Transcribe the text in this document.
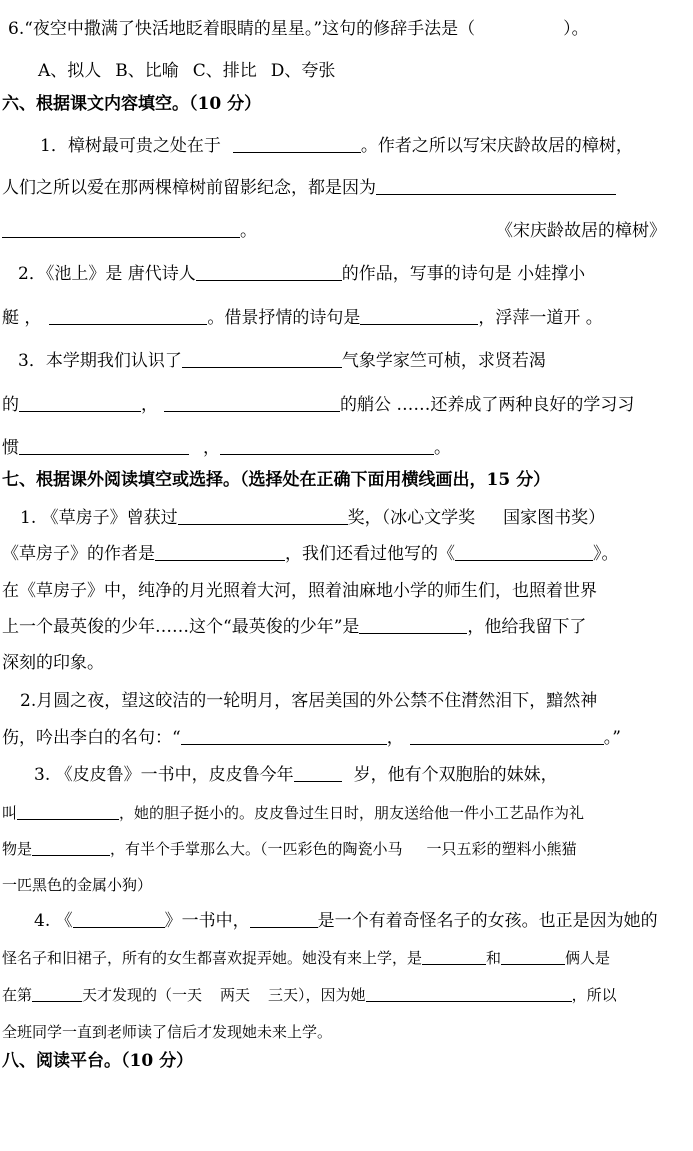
6.“夜空中撒满了快活地眨着眼睛的星星。”这句的修辞手法是（	）。
A、拟人 B、比喻 C、排比 D、夸张
六、根据课文内容填空。（10 分）
1．樟树最可贵之处在于	。作者之所以写宋庆龄故居的樟树，
人们之所以爱在那两棵樟树前留影纪念，都是因为
。	《宋庆龄故居的樟树》
2．《池上》是 唐代诗人	的作品，写事的诗句是 小娃撑小
艇 ，	。借景抒情的诗句是	，浮萍一道开 。
3．本学期我们认识了	气象学家竺可桢，求贤若渴
的	，	的艄公 ……还养成了两种良好的学习习
惯	，	。
七、根据课外阅读填空或选择。（选择处在正确下面用横线画出，15 分）
1. 《草房子》曾获过	奖，（冰心文学奖 国家图书奖）
《草房子》的作者是	，我们还看过他写的《	》。
在《草房子》中，纯净的月光照着大河，照着油麻地小学的师生们，也照着世界
上一个最英俊的少年……这个“最英俊的少年”是	，他给我留下了
深刻的印象。
2.月圆之夜，望这皎洁的一轮明月，客居美国的外公禁不住潸然泪下，黯然神
伤，吟出李白的名句：“	，	。”
3. 《皮皮鲁》一书中，皮皮鲁今年	岁，他有个双胞胎的妹妹，
叫	，她的胆子挺小的。皮皮鲁过生日时，朋友送给他一件小工艺品作为礼
物是	，有半个手掌那么大。（一匹彩色的陶瓷小马 一只五彩的塑料小熊猫
一匹黑色的金属小狗）
4. 《	》一书中，	是一个有着奇怪名子的女孩。也正是因为她的
怪名子和旧裙子，所有的女生都喜欢捉弄她。她没有来上学，是	和	俩人是
在第	天才发现的（一天 两天 三天），因为她	，所以
全班同学一直到老师读了信后才发现她未来上学。
八、阅读平台。（10 分）
